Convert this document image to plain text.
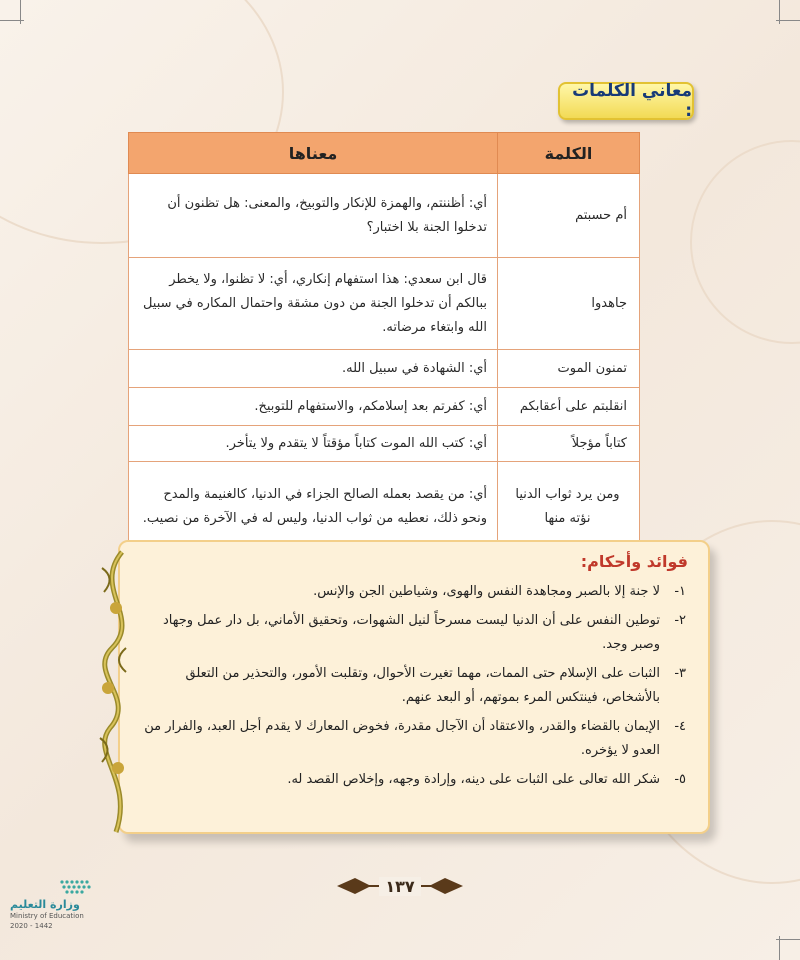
معاني الكلمات :
الكلمة	معناها
أم حسبتم	أي: أظننتم، والهمزة للإنكار والتوبيخ، والمعنى: هل تظنون أن تدخلوا الجنة بلا اختبار؟
جاهدوا	قال ابن سعدي: هذا استفهام إنكاري، أي: لا تظنوا، ولا يخطر ببالكم أن تدخلوا الجنة من دون مشقة واحتمال المكاره في سبيل الله وابتغاء مرضاته.
تمنون الموت	أي: الشهادة في سبيل الله.
انقلبتم على أعقابكم	أي: كفرتم بعد إسلامكم، والاستفهام للتوبيخ.
كتاباً مؤجلاً	أي: كتب الله الموت كتاباً مؤقتاً لا يتقدم ولا يتأخر.
ومن يرد ثواب الدنيا نؤته منها	أي: من يقصد بعمله الصالح الجزاء في الدنيا، كالغنيمة والمدح ونحو ذلك، نعطيه من ثواب الدنيا، وليس له في الآخرة من نصيب.
فوائد وأحكام:
١-
لا جنة إلا بالصبر ومجاهدة النفس والهوى، وشياطين الجن والإنس.
٢-
توطين النفس على أن الدنيا ليست مسرحاً لنيل الشهوات، وتحقيق الأماني، بل دار عمل وجهاد وصبر وجد.
٣-
الثبات على الإسلام حتى الممات، مهما تغيرت الأحوال، وتقلبت الأمور، والتحذير من التعلق بالأشخاص، فينتكس المرء بموتهم، أو البعد عنهم.
٤-
الإيمان بالقضاء والقدر، والاعتقاد أن الآجال مقدرة، فخوض المعارك لا يقدم أجل العبد، والفرار من العدو لا يؤخره.
٥-
شكر الله تعالى على الثبات على دينه، وإرادة وجهه، وإخلاص القصد له.
١٣٧
وزارة التعليم
Ministry of Education
2020 - 1442
